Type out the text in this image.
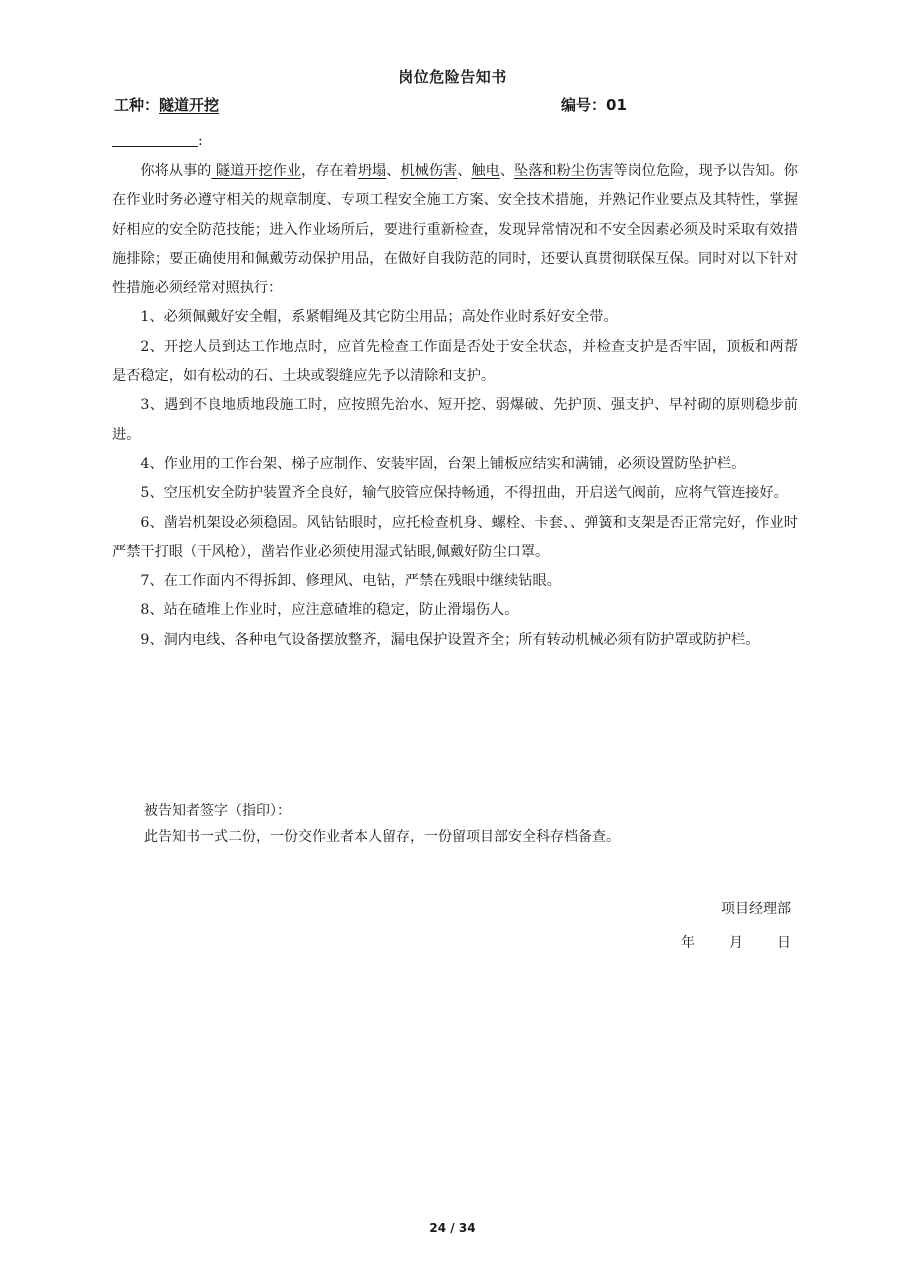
岗位危险告知书
工种：隧道开挖	编号：01
:

你将从事的 隧道开挖作业，存在着坍塌、机械伤害、触电、坠落和粉尘伤害等岗位危险，现予以告知。你在作业时务必遵守相关的规章制度、专项工程安全施工方案、安全技术措施，并熟记作业要点及其特性，掌握好相应的安全防范技能；进入作业场所后，要进行重新检查，发现异常情况和不安全因素必须及时采取有效措施排除；要正确使用和佩戴劳动保护用品，在做好自我防范的同时，还要认真贯彻联保互保。同时对以下针对性措施必须经常对照执行：

1、必须佩戴好安全帽，系紧帽绳及其它防尘用品；高处作业时系好安全带。

2、开挖人员到达工作地点时，应首先检查工作面是否处于安全状态，并检查支护是否牢固，顶板和两帮是否稳定，如有松动的石、土块或裂缝应先予以清除和支护。

3、遇到不良地质地段施工时，应按照先治水、短开挖、弱爆破、先护顶、强支护、早衬砌的原则稳步前进。

4、作业用的工作台架、梯子应制作、安装牢固，台架上铺板应结实和满铺，必须设置防坠护栏。

5、空压机安全防护装置齐全良好，输气胶管应保持畅通，不得扭曲，开启送气阀前，应将气管连接好。

6、凿岩机架设必须稳固。风钻钻眼时，应托检查机身、螺栓、卡套、、弹簧和支架是否正常完好，作业时严禁干打眼（干风枪），凿岩作业必须使用湿式钻眼,佩戴好防尘口罩。

7、在工作面内不得拆卸、修理风、电钻，严禁在残眼中继续钻眼。

8、站在碴堆上作业时，应注意碴堆的稳定，防止滑塌伤人。

9、洞内电线、各种电气设备摆放整齐，漏电保护设置齐全；所有转动机械必须有防护罩或防护栏。

被告知者签字（指印）：
此告知书一式二份，一份交作业者本人留存，一份留项目部安全科存档备查。
项目经理部
年 月 日
24 / 34
